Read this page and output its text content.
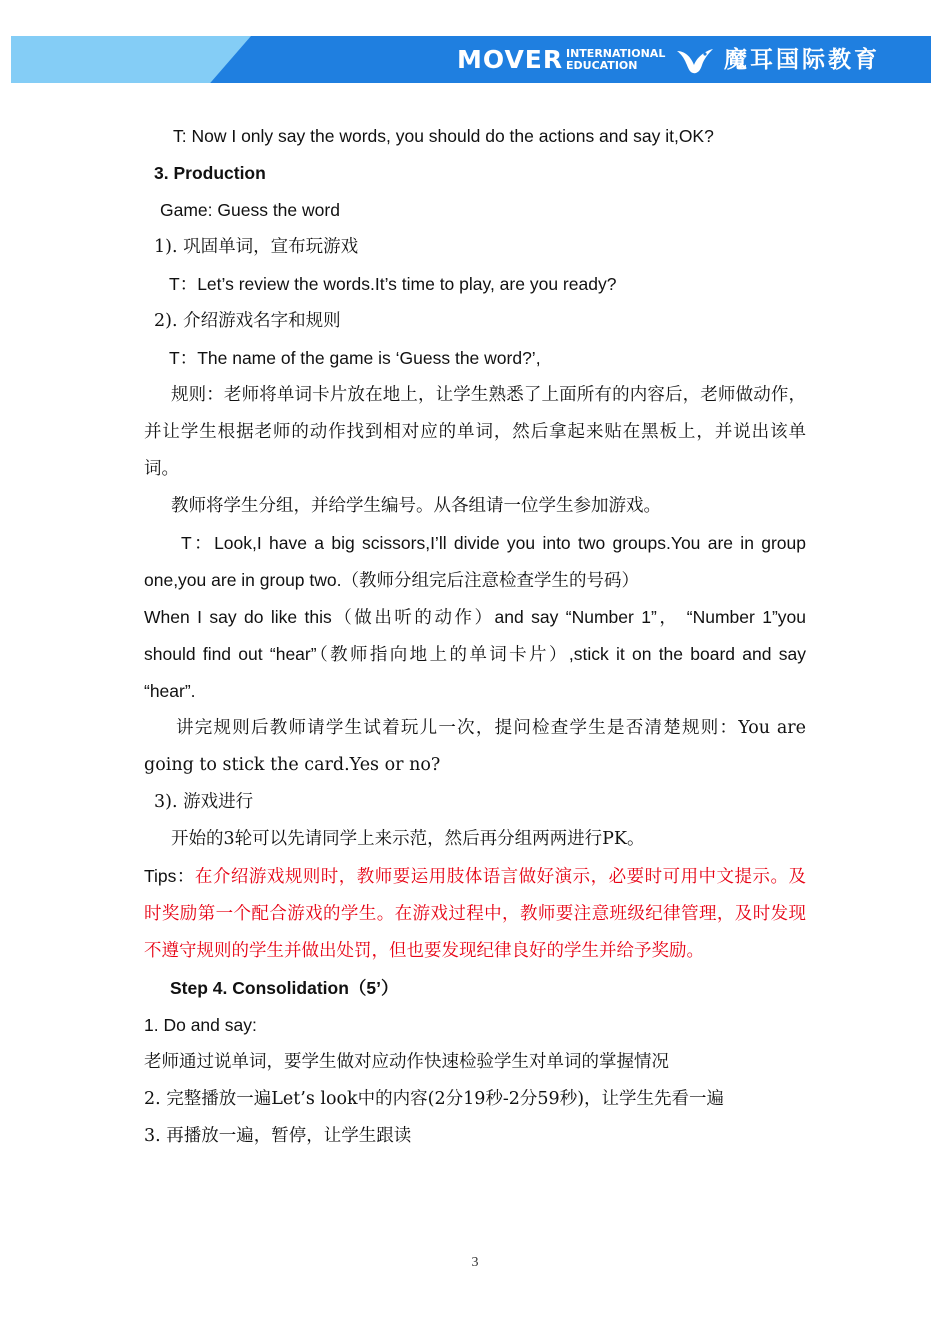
MOVER INTERNATIONAL
EDUCATION	魔耳国际教育

T: Now I only say the words, you should do the actions and say it,OK?

3. Production

Game: Guess the word

1). 巩固单词，宣布玩游戏

T：Let’s review the words.It’s time to play, are you ready?

2). 介绍游戏名字和规则

T：The name of the game is ‘Guess the word?’,

规则：老师将单词卡片放在地上，让学生熟悉了上面所有的内容后，老师做动作，并让学生根据老师的动作找到相对应的单词，然后拿起来贴在黑板上，并说出该单词。

教师将学生分组，并给学生编号。从各组请一位学生参加游戏。

T：Look,I have a big scissors,I’ll divide you into two groups.You are in group one,you are in group two.（教师分组完后注意检查学生的号码）

When I say do like this（做出听的动作）and say “Number 1”， “Number 1”you should find out “hear”（教师指向地上的单词卡片）,stick it on the board and say “hear”.

讲完规则后教师请学生试着玩儿一次，提问检查学生是否清楚规则：You are going to stick the card.Yes or no?

3). 游戏进行

开始的3轮可以先请同学上来示范，然后再分组两两进行PK。

Tips：在介绍游戏规则时，教师要运用肢体语言做好演示，必要时可用中文提示。及时奖励第一个配合游戏的学生。在游戏过程中，教师要注意班级纪律管理，及时发现不遵守规则的学生并做出处罚，但也要发现纪律良好的学生并给予奖励。

Step 4. Consolidation（5’）

1. Do and say:

老师通过说单词，要学生做对应动作快速检验学生对单词的掌握情况

2. 完整播放一遍Let’s look中的内容(2分19秒-2分59秒)，让学生先看一遍

3. 再播放一遍，暂停，让学生跟读

3
